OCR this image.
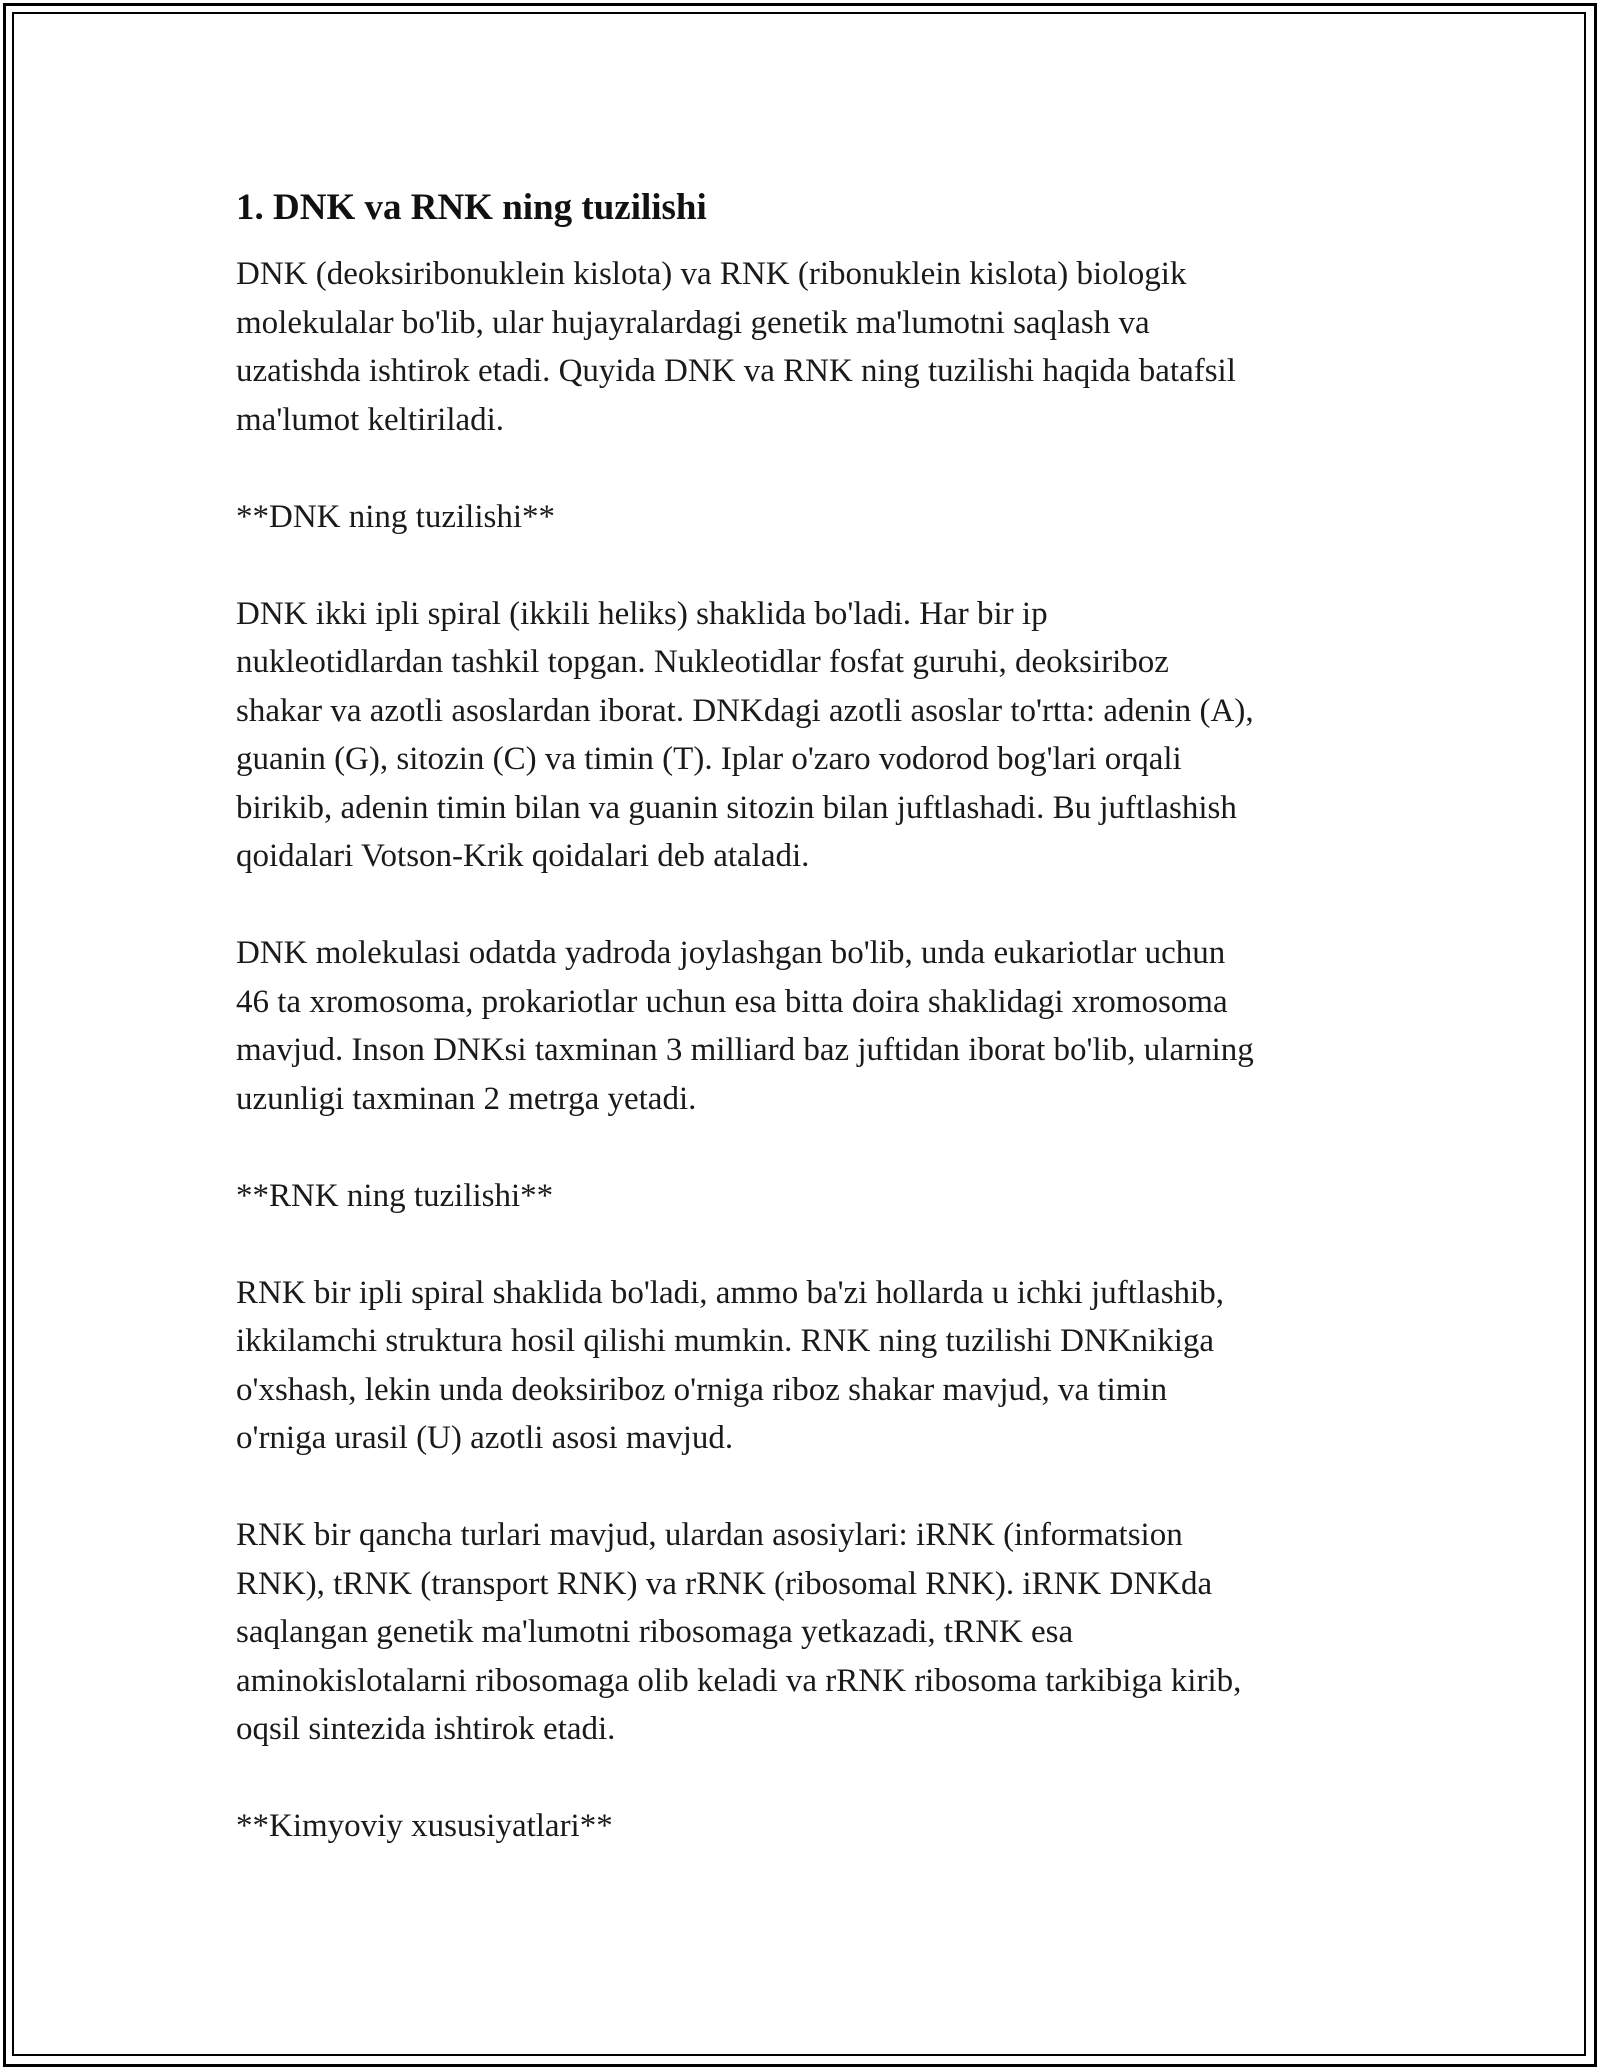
1. DNK va RNK ning tuzilishi

DNK (deoksiribonuklein kislota) va RNK (ribonuklein kislota) biologik
molekulalar bo'lib, ular hujayralardagi genetik ma'lumotni saqlash va
uzatishda ishtirok etadi. Quyida DNK va RNK ning tuzilishi haqida batafsil
ma'lumot keltiriladi.

**DNK ning tuzilishi**

DNK ikki ipli spiral (ikkili heliks) shaklida bo'ladi. Har bir ip
nukleotidlardan tashkil topgan. Nukleotidlar fosfat guruhi, deoksiriboz
shakar va azotli asoslardan iborat. DNKdagi azotli asoslar to'rtta: adenin (A),
guanin (G), sitozin (C) va timin (T). Iplar o'zaro vodorod bog'lari orqali
birikib, adenin timin bilan va guanin sitozin bilan juftlashadi. Bu juftlashish
qoidalari Votson-Krik qoidalari deb ataladi.

DNK molekulasi odatda yadroda joylashgan bo'lib, unda eukariotlar uchun
46 ta xromosoma, prokariotlar uchun esa bitta doira shaklidagi xromosoma
mavjud. Inson DNKsi taxminan 3 milliard baz juftidan iborat bo'lib, ularning
uzunligi taxminan 2 metrga yetadi.

**RNK ning tuzilishi**

RNK bir ipli spiral shaklida bo'ladi, ammo ba'zi hollarda u ichki juftlashib,
ikkilamchi struktura hosil qilishi mumkin. RNK ning tuzilishi DNKnikiga
o'xshash, lekin unda deoksiriboz o'rniga riboz shakar mavjud, va timin
o'rniga urasil (U) azotli asosi mavjud.

RNK bir qancha turlari mavjud, ulardan asosiylari: iRNK (informatsion
RNK), tRNK (transport RNK) va rRNK (ribosomal RNK). iRNK DNKda
saqlangan genetik ma'lumotni ribosomaga yetkazadi, tRNK esa
aminokislotalarni ribosomaga olib keladi va rRNK ribosoma tarkibiga kirib,
oqsil sintezida ishtirok etadi.

**Kimyoviy xususiyatlari**
